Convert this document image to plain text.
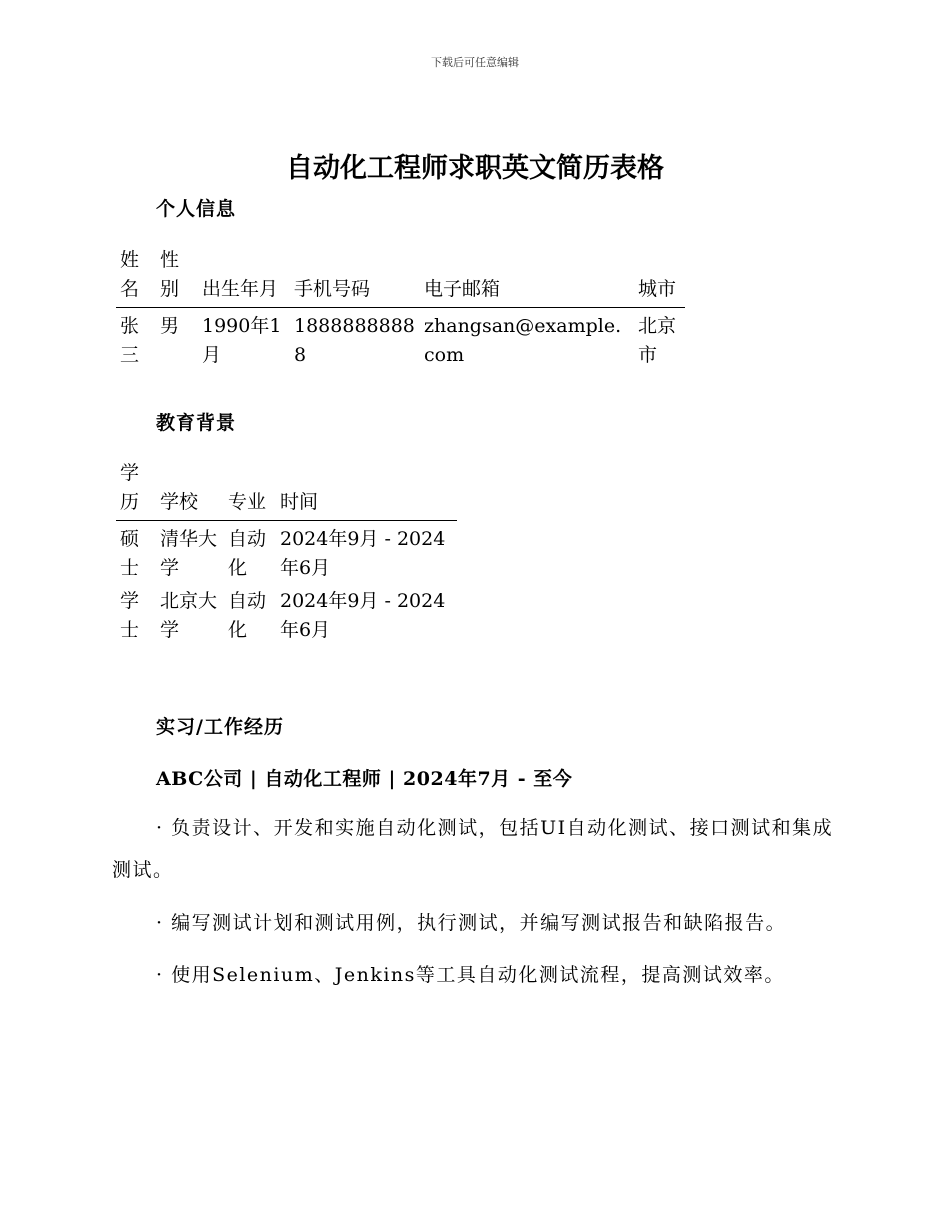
下载后可任意编辑
自动化工程师求职英文简历表格
个人信息
姓名	性别	出生年月	手机号码	电子邮箱	城市
张三	男	1990年1月	18888888888	zhangsan@example.com	北京市
教育背景
学历	学校	专业	时间
硕士	清华大学	自动化	2024年9月 - 2024年6月
学士	北京大学	自动化	2024年9月 - 2024年6月
实习/工作经历
ABC公司 | 自动化工程师 | 2024年7月 - 至今
· 负责设计、开发和实施自动化测试，包括UI自动化测试、接口测试和集成测试。
· 编写测试计划和测试用例，执行测试，并编写测试报告和缺陷报告。
· 使用Selenium、Jenkins等工具自动化测试流程，提高测试效率。
